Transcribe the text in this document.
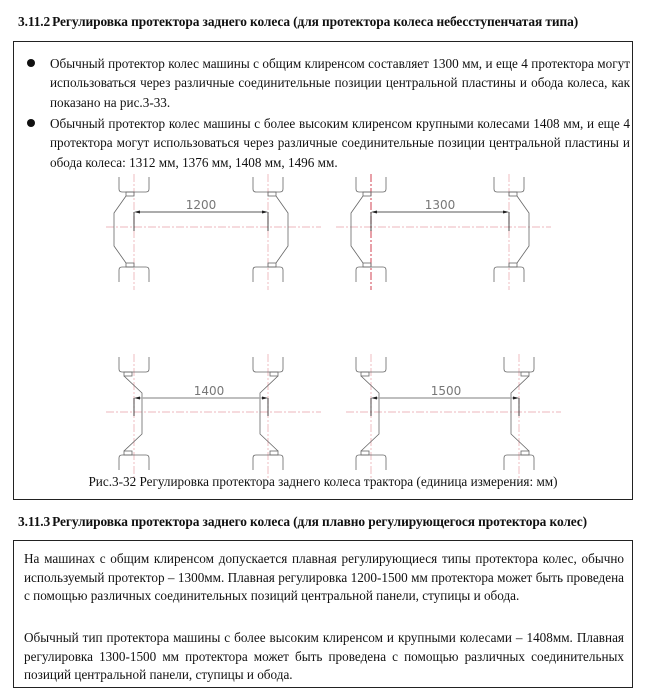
3.11.2 Регулировка протектора заднего колеса (для протектора колеса небесступенчатая типа)
Обычный протектор колес машины с общим клиренсом составляет 1300 мм, и еще 4 протектора могут использоваться через различные соединительные позиции центральной пластины и обода колеса, как показано на рис.3-33.
Обычный протектор колес машины с более высоким клиренсом крупными колесами 1408 мм, и еще 4 протектора могут использоваться через различные соединительные позиции центральной пластины и обода колеса: 1312 мм, 1376 мм, 1408 мм, 1496 мм.
1200	1300
1400	1500
Рис.3-32 Регулировка протектора заднего колеса трактора (единица измерения: мм)
3.11.3 Регулировка протектора заднего колеса (для плавно регулирующегося протектора колес)
На машинах с общим клиренсом допускается плавная регулирующиеся типы протектора колес, обычно используемый протектор – 1300мм. Плавная регулировка 1200-1500 мм протектора может быть проведена с помощью различных соединительных позиций центральной панели, ступицы и обода.
Обычный тип протектора машины с более высоким клиренсом и крупными колесами – 1408мм. Плавная регулировка 1300-1500 мм протектора может быть проведена с помощью различных соединительных позиций центральной панели, ступицы и обода.
